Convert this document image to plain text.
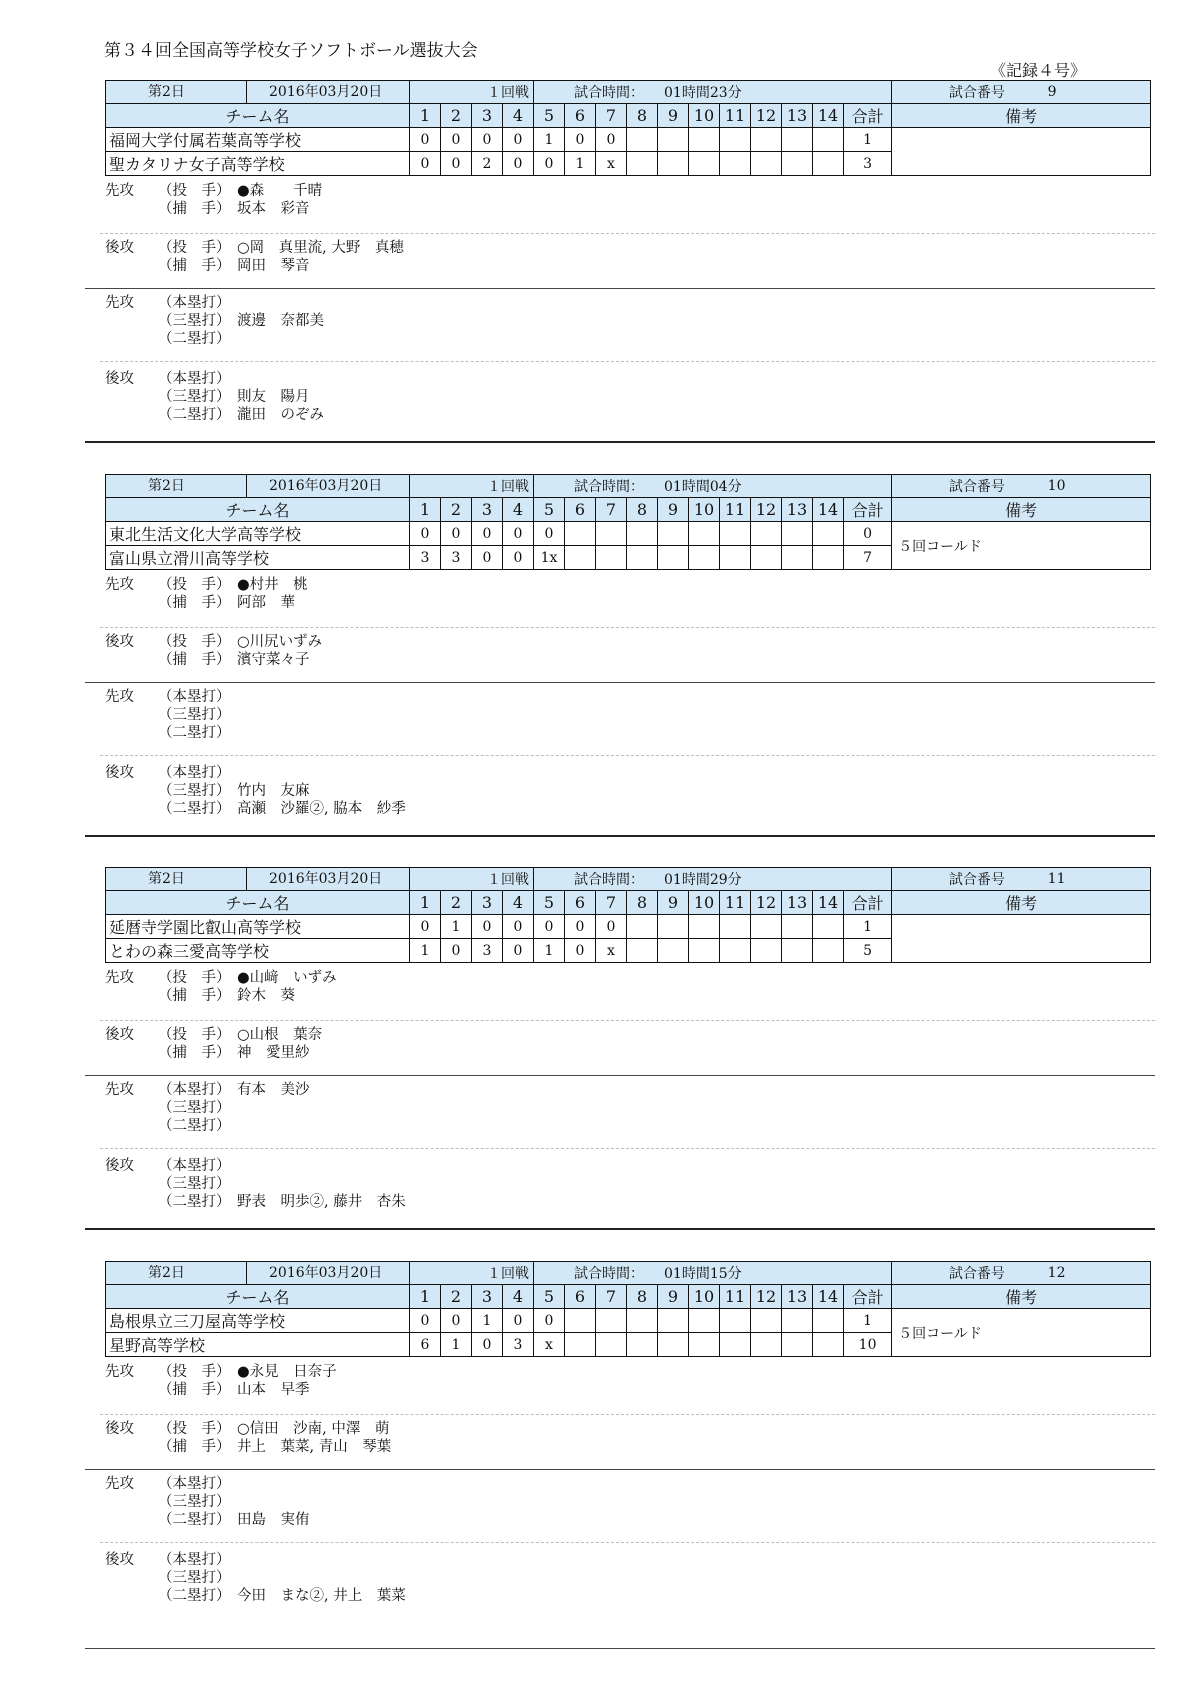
第３４回全国高等学校女子ソフトボール選抜大会
《記録４号》
第2日 2016年03月20日	１回戦				試合時間： 01時間23分											試合番号	9
チーム名	1	2	3	4	5	6	7	8	9	10	11	12	13	14	合計	備考	
福岡大学付属若葉高等学校	0	0	0	0	1	0	0								1		
聖カタリナ女子高等学校	0	0	2	0	0	1	x								3		
先攻	（投　手） ●森　　千晴
（捕　手） 坂本　彩音
後攻	（投　手） ○岡　真里流, 大野　真穂
（捕　手） 岡田　琴音
先攻	（本塁打）
（三塁打） 渡邊　奈都美
（二塁打）
後攻	（本塁打）
（三塁打） 則友　陽月
（二塁打） 瀧田　のぞみ
第2日 2016年03月20日	１回戦				試合時間： 01時間04分											試合番号	10
チーム名	1	2	3	4	5	6	7	8	9	10	11	12	13	14	合計	備考	
東北生活文化大学高等学校	0	0	0	0	0										0	５回コールド	
富山県立滑川高等学校	3	3	0	0	1x										7		
先攻	（投　手） ●村井　桃
（捕　手） 阿部　華
後攻	（投　手） ○川尻いずみ
（捕　手） 濱守菜々子
先攻	（本塁打）
（三塁打）
（二塁打）
後攻	（本塁打）
（三塁打） 竹内　友麻
（二塁打） 高瀬　沙羅②, 脇本　紗季
第2日 2016年03月20日	１回戦				試合時間： 01時間29分											試合番号	11
チーム名	1	2	3	4	5	6	7	8	9	10	11	12	13	14	合計	備考	
延暦寺学園比叡山高等学校	0	1	0	0	0	0	0								1		
とわの森三愛高等学校	1	0	3	0	1	0	x								5		
先攻	（投　手） ●山﨑　いずみ
（捕　手） 鈴木　葵
後攻	（投　手） ○山根　葉奈
（捕　手） 神　愛里紗
先攻	（本塁打） 有本　美沙
（三塁打）
（二塁打）
後攻	（本塁打）
（三塁打）
（二塁打） 野表　明歩②, 藤井　杏朱
第2日 2016年03月20日	１回戦				試合時間： 01時間15分											試合番号	12
チーム名	1	2	3	4	5	6	7	8	9	10	11	12	13	14	合計	備考	
島根県立三刀屋高等学校	0	0	1	0	0										1	５回コールド	
星野高等学校	6	1	0	3	x										10		
先攻	（投　手） ●永見　日奈子
（捕　手） 山本　早季
後攻	（投　手） ○信田　沙南, 中澤　萌
（捕　手） 井上　葉菜, 青山　琴葉
先攻	（本塁打）
（三塁打）
（二塁打） 田島　実侑
後攻	（本塁打）
（三塁打）
（二塁打） 今田　まな②, 井上　葉菜
